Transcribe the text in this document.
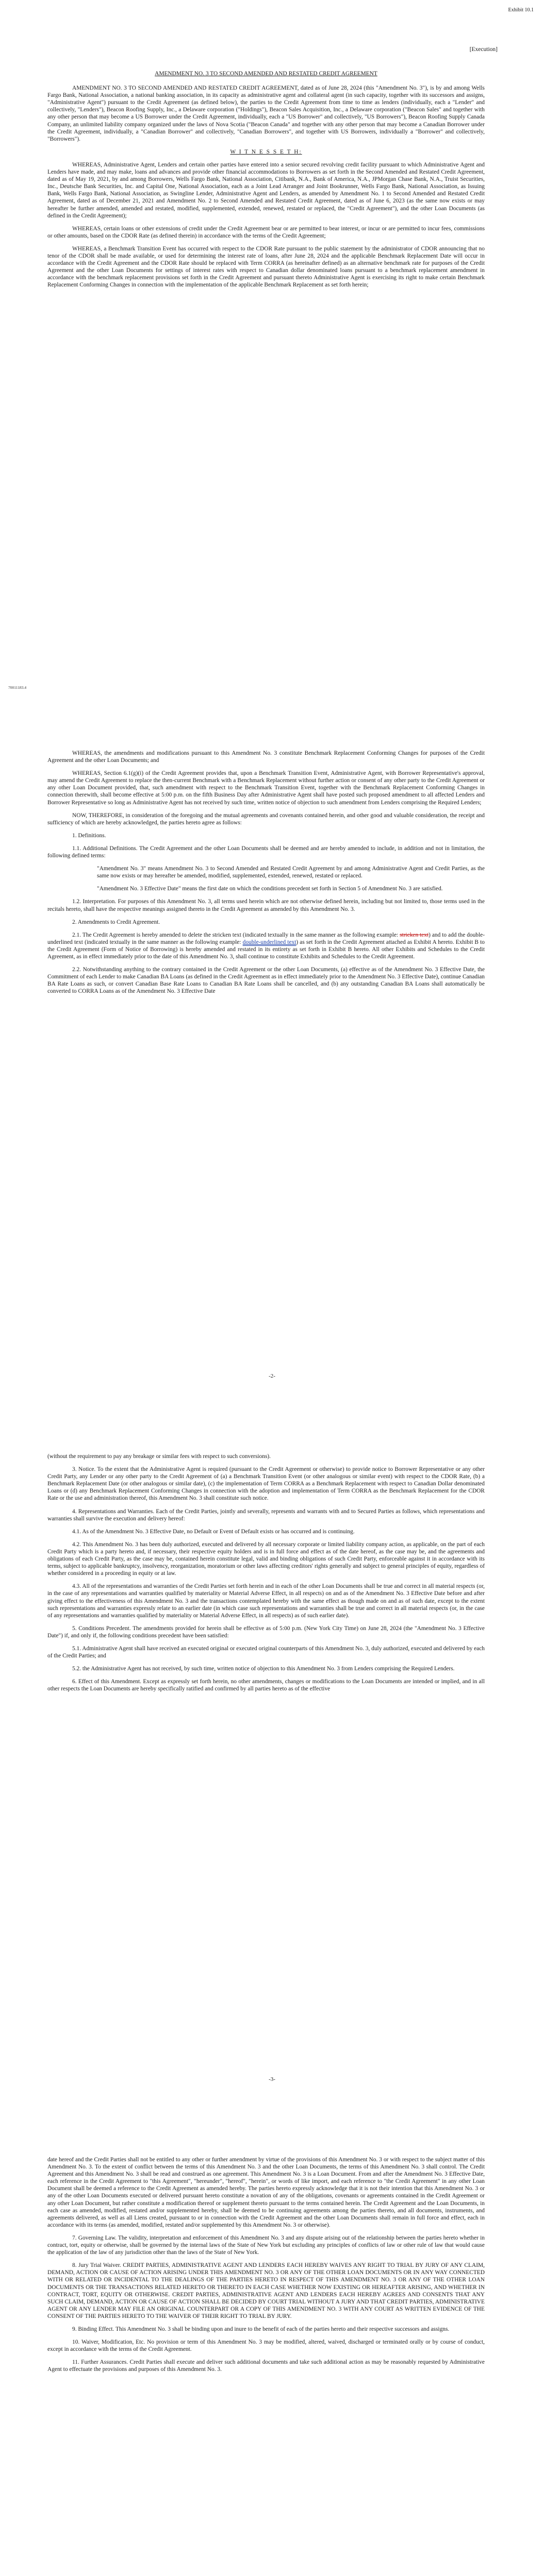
Exhibit 10.1
[Execution]

AMENDMENT NO. 3 TO SECOND AMENDED AND RESTATED CREDIT AGREEMENT

AMENDMENT NO. 3 TO SECOND AMENDED AND RESTATED CREDIT AGREEMENT, dated as of June 28, 2024 (this "Amendment No. 3"), is by and among Wells Fargo Bank, National Association, a national banking association, in its capacity as administrative agent and collateral agent (in such capacity, together with its successors and assigns, "Administrative Agent") pursuant to the Credit Agreement (as defined below), the parties to the Credit Agreement from time to time as lenders (individually, each a "Lender" and collectively, "Lenders"), Beacon Roofing Supply, Inc., a Delaware corporation ("Holdings"), Beacon Sales Acquisition, Inc., a Delaware corporation ("Beacon Sales" and together with any other person that may become a US Borrower under the Credit Agreement, individually, each a "US Borrower" and collectively, "US Borrowers"), Beacon Roofing Supply Canada Company, an unlimited liability company organized under the laws of Nova Scotia ("Beacon Canada" and together with any other person that may become a Canadian Borrower under the Credit Agreement, individually, a "Canadian Borrower" and collectively, "Canadian Borrowers", and together with US Borrowers, individually a "Borrower" and collectively, "Borrowers").

W I T N E S S E T H:

WHEREAS, Administrative Agent, Lenders and certain other parties have entered into a senior secured revolving credit facility pursuant to which Administrative Agent and Lenders have made, and may make, loans and advances and provide other financial accommodations to Borrowers as set forth in the Second Amended and Restated Credit Agreement, dated as of May 19, 2021, by and among Borrowers, Wells Fargo Bank, National Association, Citibank, N.A., Bank of America, N.A., JPMorgan Chase Bank, N.A., Truist Securities, Inc., Deutsche Bank Securities, Inc. and Capital One, National Association, each as a Joint Lead Arranger and Joint Bookrunner, Wells Fargo Bank, National Association, as Issuing Bank, Wells Fargo Bank, National Association, as Swingline Lender, Administrative Agent and Lenders, as amended by Amendment No. 1 to Second Amended and Restated Credit Agreement, dated as of December 21, 2021 and Amendment No. 2 to Second Amended and Restated Credit Agreement, dated as of June 6, 2023 (as the same now exists or may hereafter be further amended, amended and restated, modified, supplemented, extended, renewed, restated or replaced, the "Credit Agreement"), and the other Loan Documents (as defined in the Credit Agreement);

WHEREAS, certain loans or other extensions of credit under the Credit Agreement bear or are permitted to bear interest, or incur or are permitted to incur fees, commissions or other amounts, based on the CDOR Rate (as defined therein) in accordance with the terms of the Credit Agreement;

WHEREAS, a Benchmark Transition Event has occurred with respect to the CDOR Rate pursuant to the public statement by the administrator of CDOR announcing that no tenor of the CDOR shall be made available, or used for determining the interest rate of loans, after June 28, 2024 and the applicable Benchmark Replacement Date will occur in accordance with the Credit Agreement and the CDOR Rate should be replaced with Term CORRA (as hereinafter defined) as an alternative benchmark rate for purposes of the Credit Agreement and the other Loan Documents for settings of interest rates with respect to Canadian dollar denominated loans pursuant to a benchmark replacement amendment in accordance with the benchmark replacement provisions set forth in the Credit Agreement and pursuant thereto Administrative Agent is exercising its right to make certain Benchmark Replacement Conforming Changes in connection with the implementation of the applicable Benchmark Replacement as set forth herein;

70011183.4

WHEREAS, the amendments and modifications pursuant to this Amendment No. 3 constitute Benchmark Replacement Conforming Changes for purposes of the Credit Agreement and the other Loan Documents; and

WHEREAS, Section 6.1(g)(i) of the Credit Agreement provides that, upon a Benchmark Transition Event, Administrative Agent, with Borrower Representative's approval, may amend the Credit Agreement to replace the then-current Benchmark with a Benchmark Replacement without further action or consent of any other party to the Credit Agreement or any other Loan Document provided, that, such amendment with respect to the Benchmark Transition Event, together with the Benchmark Replacement Conforming Changes in connection therewith, shall become effective at 5:00 p.m. on the fifth Business Day after Administrative Agent shall have posted such proposed amendment to all affected Lenders and Borrower Representative so long as Administrative Agent has not received by such time, written notice of objection to such amendment from Lenders comprising the Required Lenders;

NOW, THEREFORE, in consideration of the foregoing and the mutual agreements and covenants contained herein, and other good and valuable consideration, the receipt and sufficiency of which are hereby acknowledged, the parties hereto agree as follows:

1. Definitions.

1.1. Additional Definitions. The Credit Agreement and the other Loan Documents shall be deemed and are hereby amended to include, in addition and not in limitation, the following defined terms:

"Amendment No. 3" means Amendment No. 3 to Second Amended and Restated Credit Agreement by and among Administrative Agent and Credit Parties, as the same now exists or may hereafter be amended, modified, supplemented, extended, renewed, restated or replaced.

"Amendment No. 3 Effective Date" means the first date on which the conditions precedent set forth in Section 5 of Amendment No. 3 are satisfied.

1.2. Interpretation. For purposes of this Amendment No. 3, all terms used herein which are not otherwise defined herein, including but not limited to, those terms used in the recitals hereto, shall have the respective meanings assigned thereto in the Credit Agreement as amended by this Amendment No. 3.

2. Amendments to Credit Agreement.

2.1. The Credit Agreement is hereby amended to delete the stricken text (indicated textually in the same manner as the following example: stricken text) and to add the double-underlined text (indicated textually in the same manner as the following example: double-underlined text) as set forth in the Credit Agreement attached as Exhibit A hereto. Exhibit B to the Credit Agreement (Form of Notice of Borrowing) is hereby amended and restated in its entirety as set forth in Exhibit B hereto. All other Exhibits and Schedules to the Credit Agreement, as in effect immediately prior to the date of this Amendment No. 3, shall continue to constitute Exhibits and Schedules to the Credit Agreement.

2.2. Notwithstanding anything to the contrary contained in the Credit Agreement or the other Loan Documents, (a) effective as of the Amendment No. 3 Effective Date, the Commitment of each Lender to make Canadian BA Loans (as defined in the Credit Agreement as in effect immediately prior to the Amendment No. 3 Effective Date), continue Canadian BA Rate Loans as such, or convert Canadian Base Rate Loans to Canadian BA Rate Loans shall be cancelled, and (b) any outstanding Canadian BA Loans shall automatically be converted to CORRA Loans as of the Amendment No. 3 Effective Date

-2-

(without the requirement to pay any breakage or similar fees with respect to such conversions).

3. Notice. To the extent that the Administrative Agent is required (pursuant to the Credit Agreement or otherwise) to provide notice to Borrower Representative or any other Credit Party, any Lender or any other party to the Credit Agreement of (a) a Benchmark Transition Event (or other analogous or similar event) with respect to the CDOR Rate, (b) a Benchmark Replacement Date (or other analogous or similar date), (c) the implementation of Term CORRA as a Benchmark Replacement with respect to Canadian Dollar denominated Loans or (d) any Benchmark Replacement Conforming Changes in connection with the adoption and implementation of Term CORRA as the Benchmark Replacement for the CDOR Rate or the use and administration thereof, this Amendment No. 3 shall constitute such notice.

4. Representations and Warranties. Each of the Credit Parties, jointly and severally, represents and warrants with and to Secured Parties as follows, which representations and warranties shall survive the execution and delivery hereof:

4.1. As of the Amendment No. 3 Effective Date, no Default or Event of Default exists or has occurred and is continuing.

4.2. This Amendment No. 3 has been duly authorized, executed and delivered by all necessary corporate or limited liability company action, as applicable, on the part of each Credit Party which is a party hereto and, if necessary, their respective equity holders and is in full force and effect as of the date hereof, as the case may be, and the agreements and obligations of each Credit Party, as the case may be, contained herein constitute legal, valid and binding obligations of such Credit Party, enforceable against it in accordance with its terms, subject to applicable bankruptcy, insolvency, reorganization, moratorium or other laws affecting creditors' rights generally and subject to general principles of equity, regardless of whether considered in a proceeding in equity or at law.

4.3. All of the representations and warranties of the Credit Parties set forth herein and in each of the other Loan Documents shall be true and correct in all material respects (or, in the case of any representations and warranties qualified by materiality or Material Adverse Effect, in all respects) on and as of the Amendment No. 3 Effective Date before and after giving effect to the effectiveness of this Amendment No. 3 and the transactions contemplated hereby with the same effect as though made on and as of such date, except to the extent such representations and warranties expressly relate to an earlier date (in which case such representations and warranties shall be true and correct in all material respects (or, in the case of any representations and warranties qualified by materiality or Material Adverse Effect, in all respects) as of such earlier date).

5. Conditions Precedent. The amendments provided for herein shall be effective as of 5:00 p.m. (New York City Time) on June 28, 2024 (the "Amendment No. 3 Effective Date") if, and only if, the following conditions precedent have been satisfied:

5.1. Administrative Agent shall have received an executed original or executed original counterparts of this Amendment No. 3, duly authorized, executed and delivered by each of the Credit Parties; and

5.2. the Administrative Agent has not received, by such time, written notice of objection to this Amendment No. 3 from Lenders comprising the Required Lenders.

6. Effect of this Amendment. Except as expressly set forth herein, no other amendments, changes or modifications to the Loan Documents are intended or implied, and in all other respects the Loan Documents are hereby specifically ratified and confirmed by all parties hereto as of the effective

-3-

date hereof and the Credit Parties shall not be entitled to any other or further amendment by virtue of the provisions of this Amendment No. 3 or with respect to the subject matter of this Amendment No. 3. To the extent of conflict between the terms of this Amendment No. 3 and the other Loan Documents, the terms of this Amendment No. 3 shall control. The Credit Agreement and this Amendment No. 3 shall be read and construed as one agreement. This Amendment No. 3 is a Loan Document. From and after the Amendment No. 3 Effective Date, each reference in the Credit Agreement to "this Agreement", "hereunder", "hereof", "herein", or words of like import, and each reference to "the Credit Agreement" in any other Loan Document shall be deemed a reference to the Credit Agreement as amended hereby. The parties hereto expressly acknowledge that it is not their intention that this Amendment No. 3 or any of the other Loan Documents executed or delivered pursuant hereto constitute a novation of any of the obligations, covenants or agreements contained in the Credit Agreement or any other Loan Document, but rather constitute a modification thereof or supplement thereto pursuant to the terms contained herein. The Credit Agreement and the Loan Documents, in each case as amended, modified, restated and/or supplemented hereby, shall be deemed to be continuing agreements among the parties thereto, and all documents, instruments, and agreements delivered, as well as all Liens created, pursuant to or in connection with the Credit Agreement and the other Loan Documents shall remain in full force and effect, each in accordance with its terms (as amended, modified, restated and/or supplemented by this Amendment No. 3 or otherwise).

7. Governing Law. The validity, interpretation and enforcement of this Amendment No. 3 and any dispute arising out of the relationship between the parties hereto whether in contract, tort, equity or otherwise, shall be governed by the internal laws of the State of New York but excluding any principles of conflicts of law or other rule of law that would cause the application of the law of any jurisdiction other than the laws of the State of New York.

8. Jury Trial Waiver. CREDIT PARTIES, ADMINISTRATIVE AGENT AND LENDERS EACH HEREBY WAIVES ANY RIGHT TO TRIAL BY JURY OF ANY CLAIM, DEMAND, ACTION OR CAUSE OF ACTION ARISING UNDER THIS AMENDMENT NO. 3 OR ANY OF THE OTHER LOAN DOCUMENTS OR IN ANY WAY CONNECTED WITH OR RELATED OR INCIDENTAL TO THE DEALINGS OF THE PARTIES HERETO IN RESPECT OF THIS AMENDMENT NO. 3 OR ANY OF THE OTHER LOAN DOCUMENTS OR THE TRANSACTIONS RELATED HERETO OR THERETO IN EACH CASE WHETHER NOW EXISTING OR HEREAFTER ARISING, AND WHETHER IN CONTRACT, TORT, EQUITY OR OTHERWISE. CREDIT PARTIES, ADMINISTRATIVE AGENT AND LENDERS EACH HEREBY AGREES AND CONSENTS THAT ANY SUCH CLAIM, DEMAND, ACTION OR CAUSE OF ACTION SHALL BE DECIDED BY COURT TRIAL WITHOUT A JURY AND THAT CREDIT PARTIES, ADMINISTRATIVE AGENT OR ANY LENDER MAY FILE AN ORIGINAL COUNTERPART OR A COPY OF THIS AMENDMENT NO. 3 WITH ANY COURT AS WRITTEN EVIDENCE OF THE CONSENT OF THE PARTIES HERETO TO THE WAIVER OF THEIR RIGHT TO TRIAL BY JURY.

9. Binding Effect. This Amendment No. 3 shall be binding upon and inure to the benefit of each of the parties hereto and their respective successors and assigns.

10. Waiver, Modification, Etc. No provision or term of this Amendment No. 3 may be modified, altered, waived, discharged or terminated orally or by course of conduct, except in accordance with the terms of the Credit Agreement.

11. Further Assurances. Credit Parties shall execute and deliver such additional documents and take such additional action as may be reasonably requested by Administrative Agent to effectuate the provisions and purposes of this Amendment No. 3.
